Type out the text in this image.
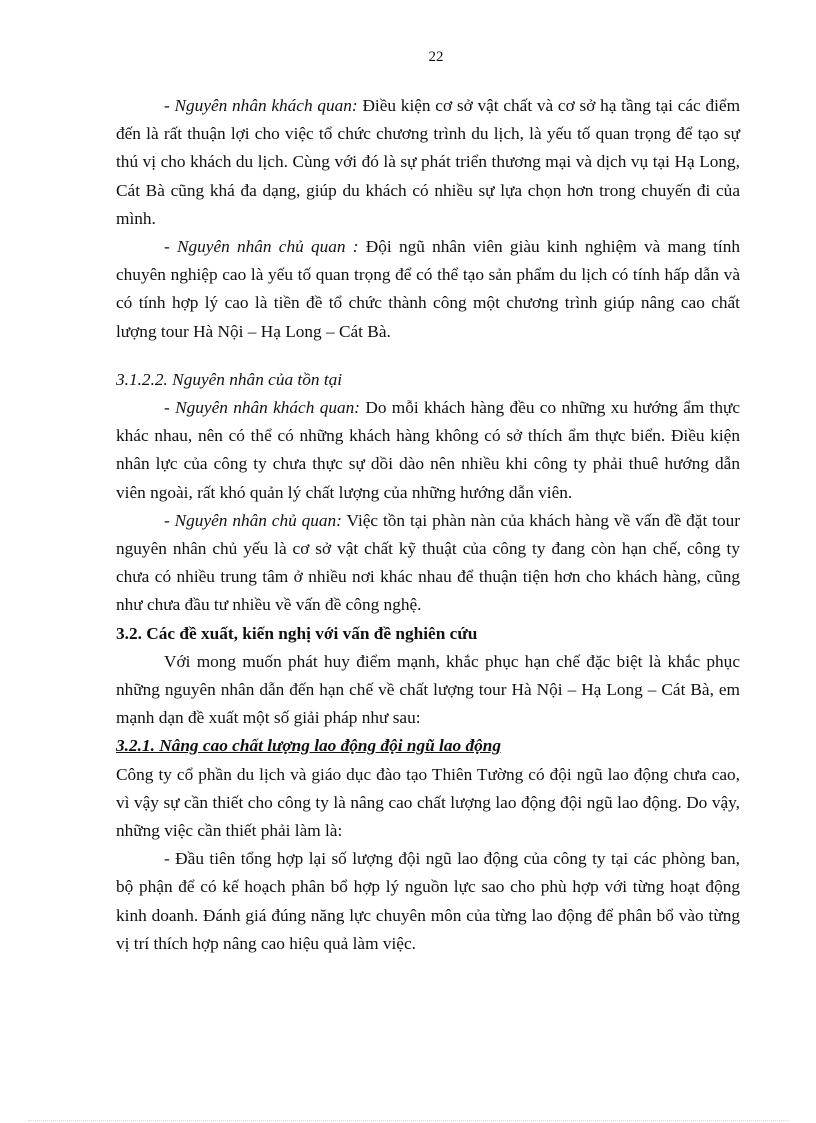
22

- Nguyên nhân khách quan: Điều kiện cơ sở vật chất và cơ sở hạ tầng tại các điểm đến là rất thuận lợi cho việc tổ chức chương trình du lịch, là yếu tố quan trọng để tạo sự thú vị cho khách du lịch. Cùng với đó là sự phát triển thương mại và dịch vụ tại Hạ Long, Cát Bà cũng khá đa dạng, giúp du khách có nhiều sự lựa chọn hơn trong chuyến đi của mình.

- Nguyên nhân chủ quan : Đội ngũ nhân viên giàu kinh nghiệm và mang tính chuyên nghiệp cao là yếu tố quan trọng để có thể tạo sản phẩm du lịch có tính hấp dẫn và có tính hợp lý cao là tiền đề tổ chức thành công một chương trình giúp nâng cao chất lượng tour Hà Nội – Hạ Long – Cát Bà.

3.1.2.2. Nguyên nhân của tồn tại

- Nguyên nhân khách quan: Do mỗi khách hàng đều co những xu hướng ẩm thực khác nhau, nên có thể có những khách hàng không có sở thích ẩm thực biển. Điều kiện nhân lực của công ty chưa thực sự dồi dào nên nhiều khi công ty phải thuê hướng dẫn viên ngoài, rất khó quản lý chất lượng của những hướng dẫn viên.

- Nguyên nhân chủ quan: Việc tồn tại phàn nàn của khách hàng về vấn đề đặt tour nguyên nhân chủ yếu là cơ sở vật chất kỹ thuật của công ty đang còn hạn chế, công ty chưa có nhiều trung tâm ở nhiều nơi khác nhau để thuận tiện hơn cho khách hàng, cũng như chưa đầu tư nhiều về vấn đề công nghệ.

3.2. Các đề xuất, kiến nghị với vấn đề nghiên cứu

Với mong muốn phát huy điểm mạnh, khắc phục hạn chế đặc biệt là khắc phục những nguyên nhân dẫn đến hạn chế về chất lượng tour Hà Nội – Hạ Long – Cát Bà, em mạnh dạn đề xuất một số giải pháp như sau:

3.2.1. Nâng cao chất lượng lao động đội ngũ lao động

Công ty cổ phần du lịch và giáo dục đào tạo Thiên Tường có đội ngũ lao động chưa cao, vì vậy sự cần thiết cho công ty là nâng cao chất lượng lao động đội ngũ lao động. Do vậy, những việc cần thiết phải làm là:

- Đầu tiên tổng hợp lại số lượng đội ngũ lao động của công ty tại các phòng ban, bộ phận để có kế hoạch phân bổ hợp lý nguồn lực sao cho phù hợp với từng hoạt động kinh doanh. Đánh giá đúng năng lực chuyên môn của từng lao động để phân bổ vào từng vị trí thích hợp nâng cao hiệu quả làm việc.
